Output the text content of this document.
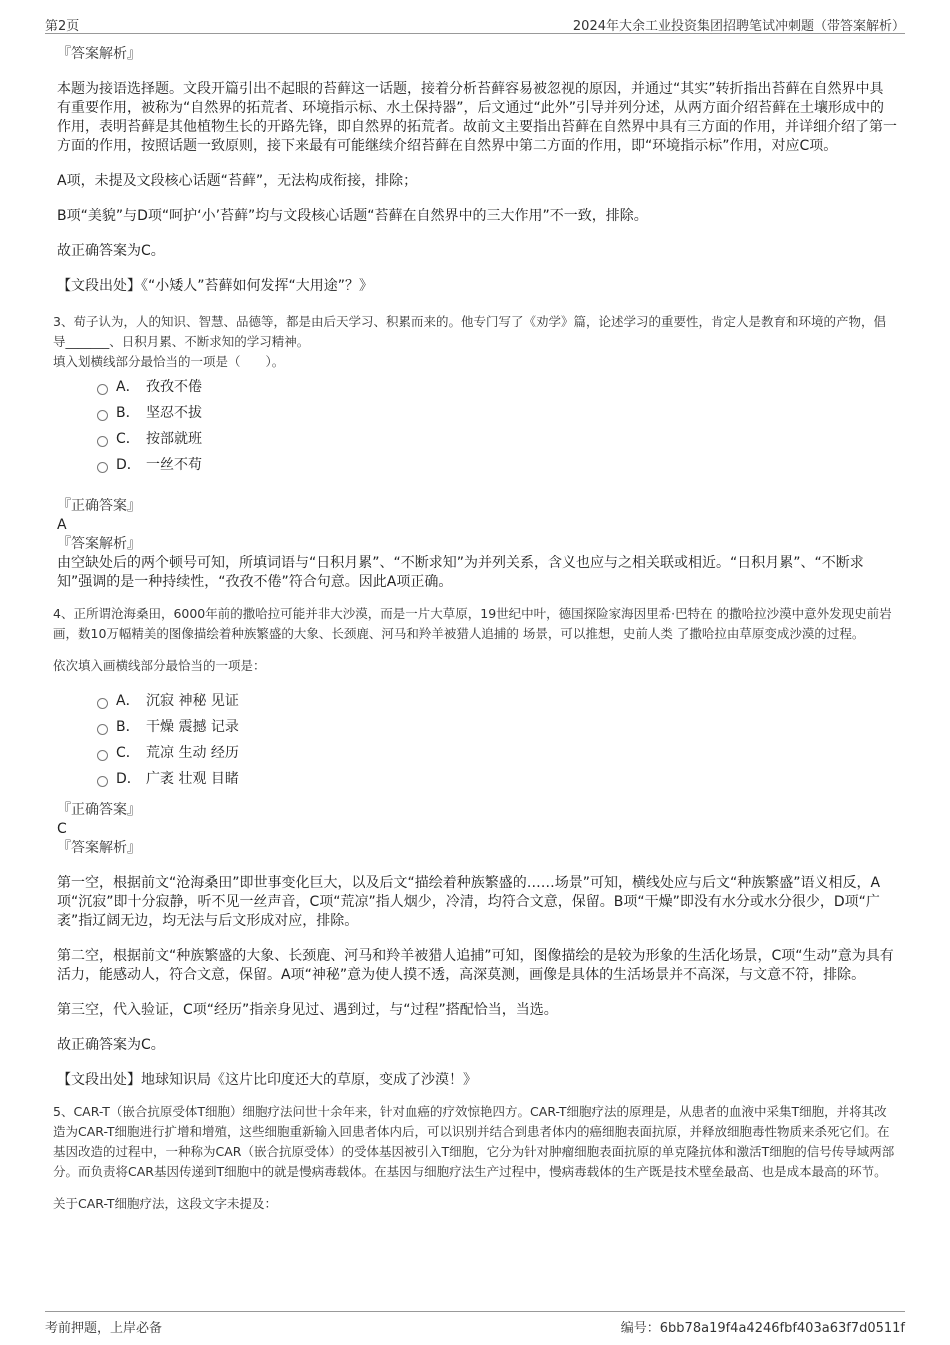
第2页	2024年大余工业投资集团招聘笔试冲刺题（带答案解析）

『答案解析』

本题为接语选择题。文段开篇引出不起眼的苔藓这一话题，接着分析苔藓容易被忽视的原因，并通过“其实”转折指出苔藓在自然界中具有重要作用，被称为“自然界的拓荒者、环境指示标、水土保持器”，后文通过“此外”引导并列分述，从两方面介绍苔藓在土壤形成中的作用，表明苔藓是其他植物生长的开路先锋，即自然界的拓荒者。故前文主要指出苔藓在自然界中具有三方面的作用，并详细介绍了第一方面的作用，按照话题一致原则，接下来最有可能继续介绍苔藓在自然界中第二方面的作用，即“环境指示标”作用，对应C项。

A项，未提及文段核心话题“苔藓”，无法构成衔接，排除；

B项“美貌”与D项“呵护‘小’苔藓”均与文段核心话题“苔藓在自然界中的三大作用”不一致，排除。

故正确答案为C。

【文段出处】《“小矮人”苔藓如何发挥“大用途”？》

3、荀子认为，人的知识、智慧、品德等，都是由后天学习、积累而来的。他专门写了《劝学》篇，论述学习的重要性，肯定人是教育和环境的产物，倡导_______、日积月累、不断求知的学习精神。

填入划横线部分最恰当的一项是（　　）。

A． 孜孜不倦
B． 坚忍不拔
C． 按部就班
D． 一丝不苟

『正确答案』

A

『答案解析』

由空缺处后的两个顿号可知，所填词语与“日积月累”、“不断求知”为并列关系，含义也应与之相关联或相近。“日积月累”、“不断求知”强调的是一种持续性，“孜孜不倦”符合句意。因此A项正确。

4、正所谓沧海桑田，6000年前的撒哈拉可能并非大沙漠，而是一片大草原，19世纪中叶，德国探险家海因里希·巴特在 的撒哈拉沙漠中意外发现史前岩画，数10万幅精美的图像描绘着种族繁盛的大象、长颈鹿、河马和羚羊被猎人追捕的 场景，可以推想，史前人类 了撒哈拉由草原变成沙漠的过程。

依次填入画横线部分最恰当的一项是：

A． 沉寂 神秘 见证
B． 干燥 震撼 记录
C． 荒凉 生动 经历
D． 广袤 壮观 目睹

『正确答案』

C

『答案解析』

第一空，根据前文“沧海桑田”即世事变化巨大，以及后文“描绘着种族繁盛的……场景”可知，横线处应与后文“种族繁盛”语义相反，A项“沉寂”即十分寂静，听不见一丝声音，C项“荒凉”指人烟少，冷清，均符合文意，保留。B项“干燥”即没有水分或水分很少，D项“广袤”指辽阔无边，均无法与后文形成对应，排除。

第二空，根据前文“种族繁盛的大象、长颈鹿、河马和羚羊被猎人追捕”可知，图像描绘的是较为形象的生活化场景，C项“生动”意为具有活力，能感动人，符合文意，保留。A项“神秘”意为使人摸不透，高深莫测，画像是具体的生活场景并不高深，与文意不符，排除。

第三空，代入验证，C项“经历”指亲身见过、遇到过，与“过程”搭配恰当，当选。

故正确答案为C。

【文段出处】地球知识局《这片比印度还大的草原，变成了沙漠！》

5、CAR-T（嵌合抗原受体T细胞）细胞疗法问世十余年来，针对血癌的疗效惊艳四方。CAR-T细胞疗法的原理是，从患者的血液中采集T细胞，并将其改造为CAR-T细胞进行扩增和增殖，这些细胞重新输入回患者体内后，可以识别并结合到患者体内的癌细胞表面抗原，并释放细胞毒性物质来杀死它们。在基因改造的过程中，一种称为CAR（嵌合抗原受体）的受体基因被引入T细胞，它分为针对肿瘤细胞表面抗原的单克隆抗体和激活T细胞的信号传导域两部分。而负责将CAR基因传递到T细胞中的就是慢病毒载体。在基因与细胞疗法生产过程中，慢病毒载体的生产既是技术壁垒最高、也是成本最高的环节。

关于CAR-T细胞疗法，这段文字未提及：

考前押题，上岸必备	编号：6bb78a19f4a4246fbf403a63f7d0511f
